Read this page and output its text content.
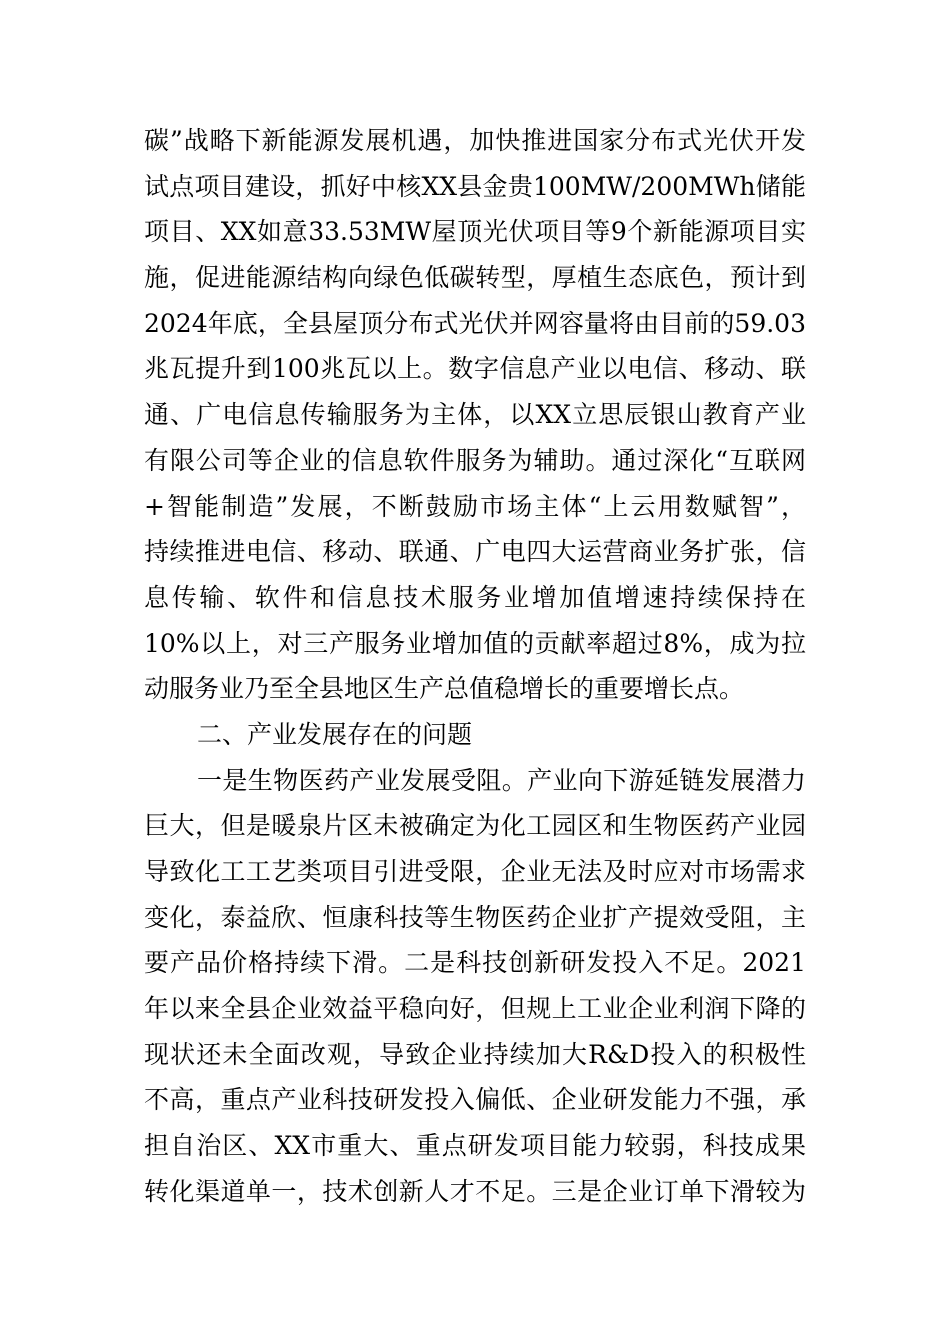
碳”战略下新能源发展机遇，加快推进国家分布式光伏开发
试点项目建设，抓好中核XX县金贵100MW/200MWh储能
项目、XX如意33.53MW屋顶光伏项目等9个新能源项目实
施，促进能源结构向绿色低碳转型，厚植生态底色，预计到
2024年底，全县屋顶分布式光伏并网容量将由目前的59.03
兆瓦提升到100兆瓦以上。数字信息产业以电信、移动、联
通、广电信息传输服务为主体，以XX立思辰银山教育产业
有限公司等企业的信息软件服务为辅助。通过深化“互联网
+智能制造”发展，不断鼓励市场主体“上云用数赋智”，
持续推进电信、移动、联通、广电四大运营商业务扩张，信
息传输、软件和信息技术服务业增加值增速持续保持在
10%以上，对三产服务业增加值的贡献率超过8%，成为拉
动服务业乃至全县地区生产总值稳增长的重要增长点。
二、产业发展存在的问题
一是生物医药产业发展受阻。产业向下游延链发展潜力
巨大，但是暖泉片区未被确定为化工园区和生物医药产业园
导致化工工艺类项目引进受限，企业无法及时应对市场需求
变化，泰益欣、恒康科技等生物医药企业扩产提效受阻，主
要产品价格持续下滑。二是科技创新研发投入不足。2021
年以来全县企业效益平稳向好，但规上工业企业利润下降的
现状还未全面改观，导致企业持续加大R&D投入的积极性
不高，重点产业科技研发投入偏低、企业研发能力不强，承
担自治区、XX市重大、重点研发项目能力较弱，科技成果
转化渠道单一，技术创新人才不足。三是企业订单下滑较为
